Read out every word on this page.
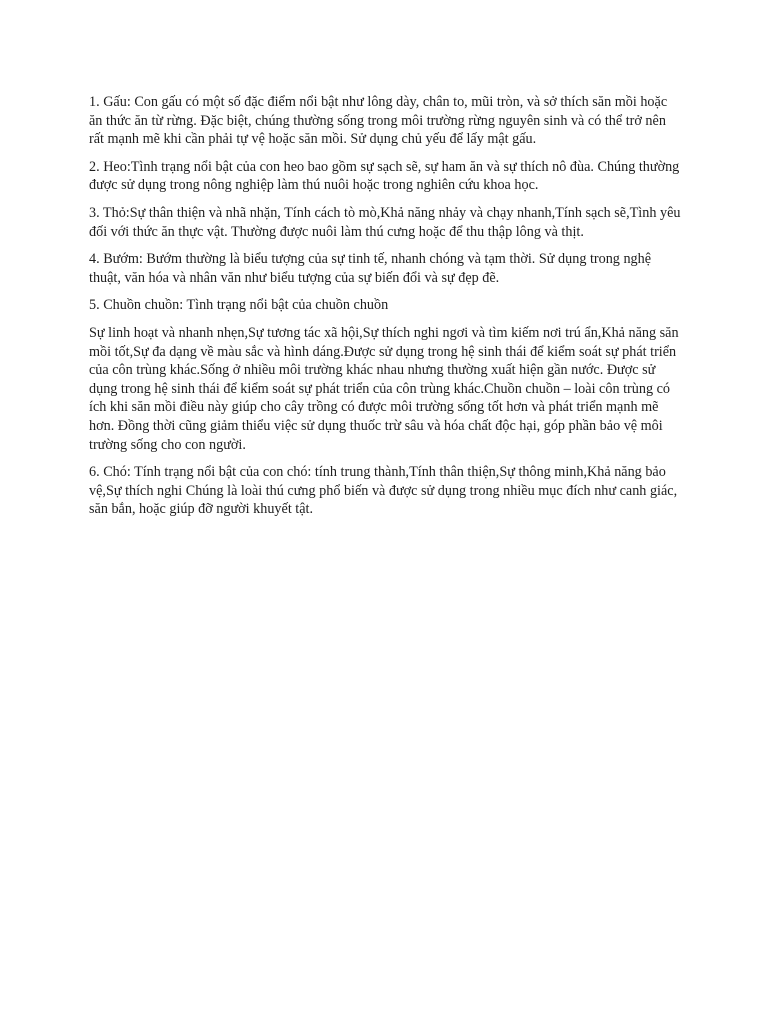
1. Gấu: Con gấu có một số đặc điểm nổi bật như lông dày, chân to, mũi tròn, và sở thích săn mồi hoặc ăn thức ăn từ rừng. Đặc biệt, chúng thường sống trong môi trường rừng nguyên sinh và có thể trở nên rất mạnh mẽ khi cần phải tự vệ hoặc săn mồi. Sử dụng chủ yếu để lấy mật gấu.

2. Heo:Tình trạng nổi bật của con heo bao gồm sự sạch sẽ, sự ham ăn và sự thích nô đùa. Chúng thường được sử dụng trong nông nghiệp làm thú nuôi hoặc trong nghiên cứu khoa học.

3. Thỏ:Sự thân thiện và nhã nhặn, Tính cách tò mò,Khả năng nhảy và chạy nhanh,Tính sạch sẽ,Tình yêu đối với thức ăn thực vật. Thường được nuôi làm thú cưng hoặc để thu thập lông và thịt.

4. Bướm: Bướm thường là biểu tượng của sự tinh tế, nhanh chóng và tạm thời. Sử dụng trong nghệ thuật, văn hóa và nhân văn như biểu tượng của sự biến đổi và sự đẹp đẽ.

5. Chuồn chuồn: Tình trạng nổi bật của chuồn chuồn

Sự linh hoạt và nhanh nhẹn,Sự tương tác xã hội,Sự thích nghi ngơi và tìm kiếm nơi trú ẩn,Khả năng săn mồi tốt,Sự đa dạng về màu sắc và hình dáng.Được sử dụng trong hệ sinh thái để kiểm soát sự phát triển của côn trùng khác.Sống ở nhiều môi trường khác nhau nhưng thường xuất hiện gần nước. Được sử dụng trong hệ sinh thái để kiểm soát sự phát triển của côn trùng khác.Chuồn chuồn – loài côn trùng có ích khi săn mồi điều này giúp cho cây trồng có được môi trường sống tốt hơn và phát triển mạnh mẽ hơn. Đồng thời cũng giảm thiểu việc sử dụng thuốc trừ sâu và hóa chất độc hại, góp phần bảo vệ môi trường sống cho con người.

6. Chó: Tính trạng nổi bật của con chó: tính trung thành,Tính thân thiện,Sự thông minh,Khả năng bảo vệ,Sự thích nghi Chúng là loài thú cưng phổ biến và được sử dụng trong nhiều mục đích như canh giác, săn bắn, hoặc giúp đỡ người khuyết tật.
